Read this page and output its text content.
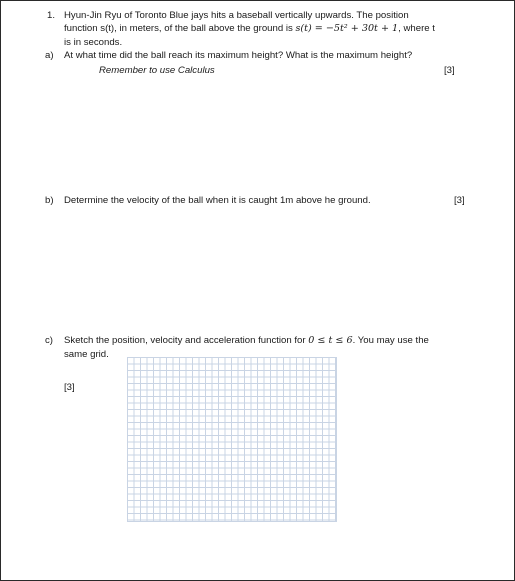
1. Hyun-Jin Ryu of Toronto Blue jays hits a baseball vertically upwards. The position
function s(t), in meters, of the ball above the ground is s(t) = −5t² + 30t + 1, where t
is in seconds.
a) At what time did the ball reach its maximum height? What is the maximum height?
Remember to use Calculus	[3]
b) Determine the velocity of the ball when it is caught 1m above he ground.	[3]
c) Sketch the position, velocity and acceleration function for 0 ≤ t ≤ 6. You may use the
same grid.
[3]
